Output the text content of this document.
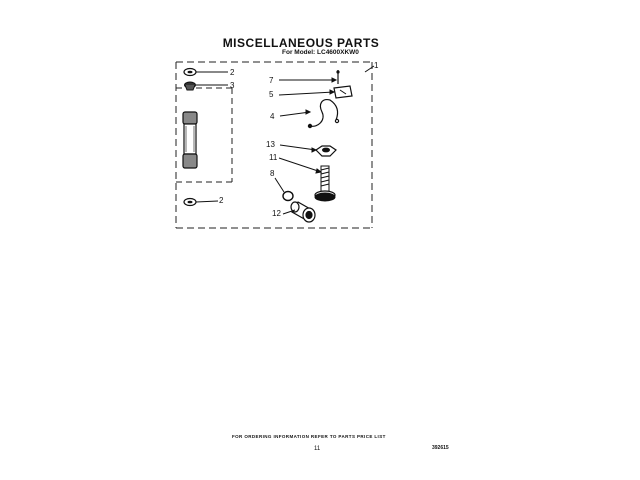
MISCELLANEOUS PARTS
For Model: LC4600XKW0
2
3
2
1
7
5
4
13
11
8
12
FOR ORDERING INFORMATION REFER TO PARTS PRICE LIST
11	392615
